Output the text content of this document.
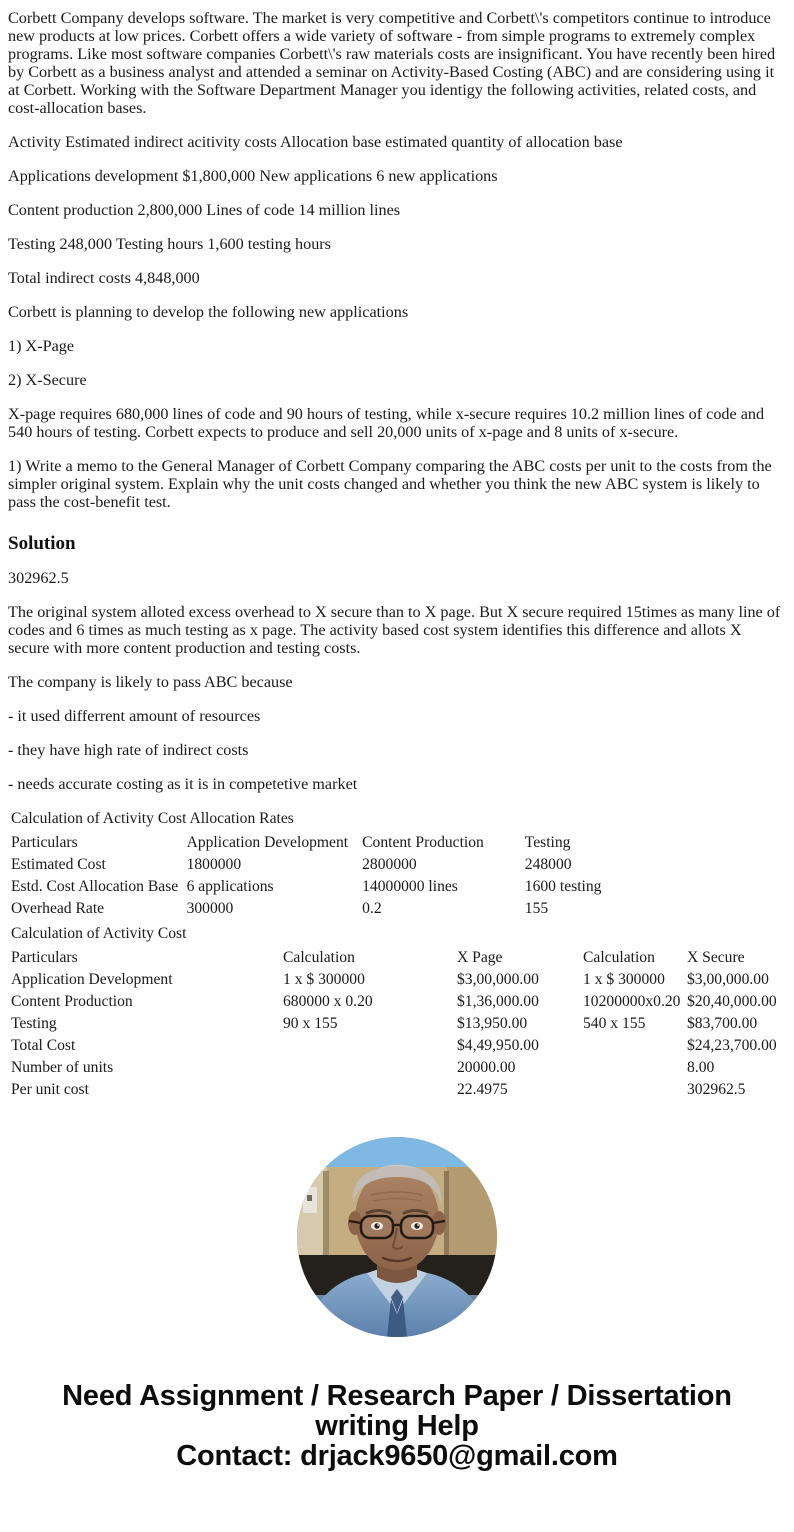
Corbett Company develops software. The market is very competitive and Corbett\'s competitors continue to introduce new products at low prices. Corbett offers a wide variety of software - from simple programs to extremely complex programs. Like most software companies Corbett\'s raw materials costs are insignificant. You have recently been hired by Corbett as a business analyst and attended a seminar on Activity-Based Costing (ABC) and are considering using it at Corbett. Working with the Software Department Manager you identigy the following activities, related costs, and cost-allocation bases.

Activity Estimated indirect acitivity costs Allocation base estimated quantity of allocation base

Applications development $1,800,000 New applications 6 new applications

Content production 2,800,000 Lines of code 14 million lines

Testing 248,000 Testing hours 1,600 testing hours

Total indirect costs 4,848,000

Corbett is planning to develop the following new applications

1) X-Page

2) X-Secure

X-page requires 680,000 lines of code and 90 hours of testing, while x-secure requires 10.2 million lines of code and 540 hours of testing. Corbett expects to produce and sell 20,000 units of x-page and 8 units of x-secure.

1) Write a memo to the General Manager of Corbett Company comparing the ABC costs per unit to the costs from the simpler original system. Explain why the unit costs changed and whether you think the new ABC system is likely to pass the cost-benefit test.

Solution

302962.5

The original system alloted excess overhead to X secure than to X page. But X secure required 15times as many line of codes and 6 times as much testing as x page. The activity based cost system identifies this difference and allots X secure with more content production and testing costs.

The company is likely to pass ABC because

- it used differrent amount of resources

- they have high rate of indirect costs

- needs accurate costing as it is in competetive market

Calculation of Activity Cost Allocation Rates			
Particulars	Application Development	Content Production	Testing
Estimated Cost	1800000	2800000	248000
Estd. Cost Allocation Base	6 applications	14000000 lines	1600 testing
Overhead Rate	300000	0.2	155
Calculation of Activity Cost				
Particulars	Calculation	X Page	Calculation	X Secure
Application Development	1 x $ 300000	$3,00,000.00	1 x $ 300000	$3,00,000.00
Content Production	680000 x 0.20	$1,36,000.00	10200000x0.20	$20,40,000.00
Testing	90 x 155	$13,950.00	540 x 155	$83,700.00
Total Cost		$4,49,950.00		$24,23,700.00
Number of units		20000.00		8.00
Per unit cost		22.4975		302962.5
Need Assignment / Research Paper / Dissertation
writing Help
Contact: drjack9650@gmail.com
